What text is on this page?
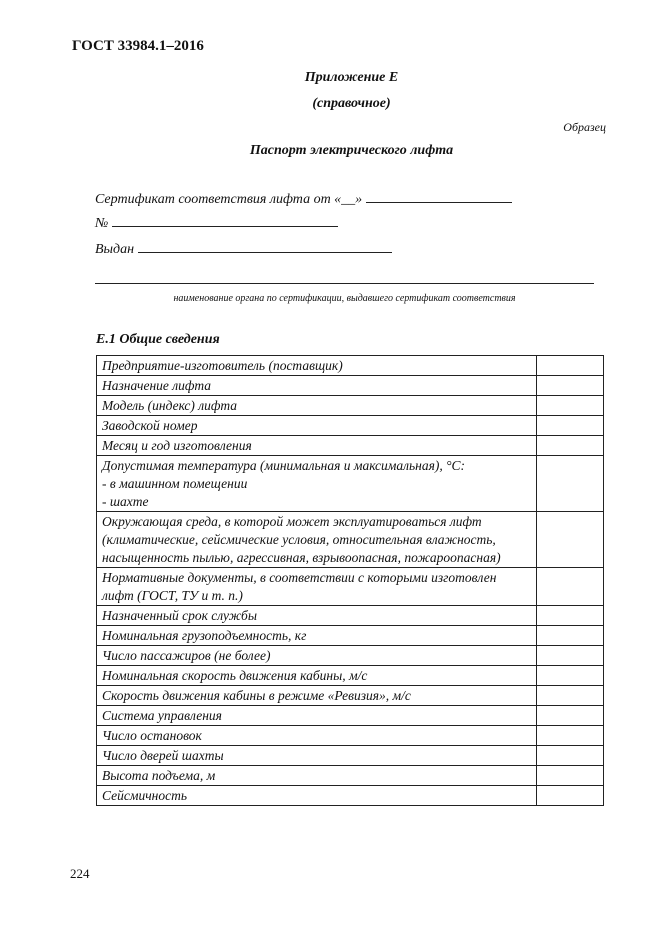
ГОСТ 33984.1–2016
Приложение Е
(справочное)
Образец
Паспорт электрического лифта
Сертификат соответствия лифта от «__»
№
Выдан
наименование органа по сертификации, выдавшего сертификат соответствия
Е.1 Общие сведения
Предприятие-изготовитель (поставщик)	
Назначение лифта	
Модель (индекс) лифта	
Заводской номер	
Месяц и год изготовления	
Допустимая температура (минимальная и максимальная), °С:
- в машинном помещении
- шахте	
Окружающая среда, в которой может эксплуатироваться лифт (климатические, сейсмические условия, относительная влажность, насыщенность пылью, агрессивная, взрывоопасная, пожароопасная)	
Нормативные документы, в соответствии с которыми изготовлен лифт (ГОСТ, ТУ и т. п.)	
Назначенный срок службы	
Номинальная грузоподъемность, кг	
Число пассажиров (не более)	
Номинальная скорость движения кабины, м/с	
Скорость движения кабины в режиме «Ревизия», м/с	
Система управления	
Число остановок	
Число дверей шахты	
Высота подъема, м	
Сейсмичность	
224
